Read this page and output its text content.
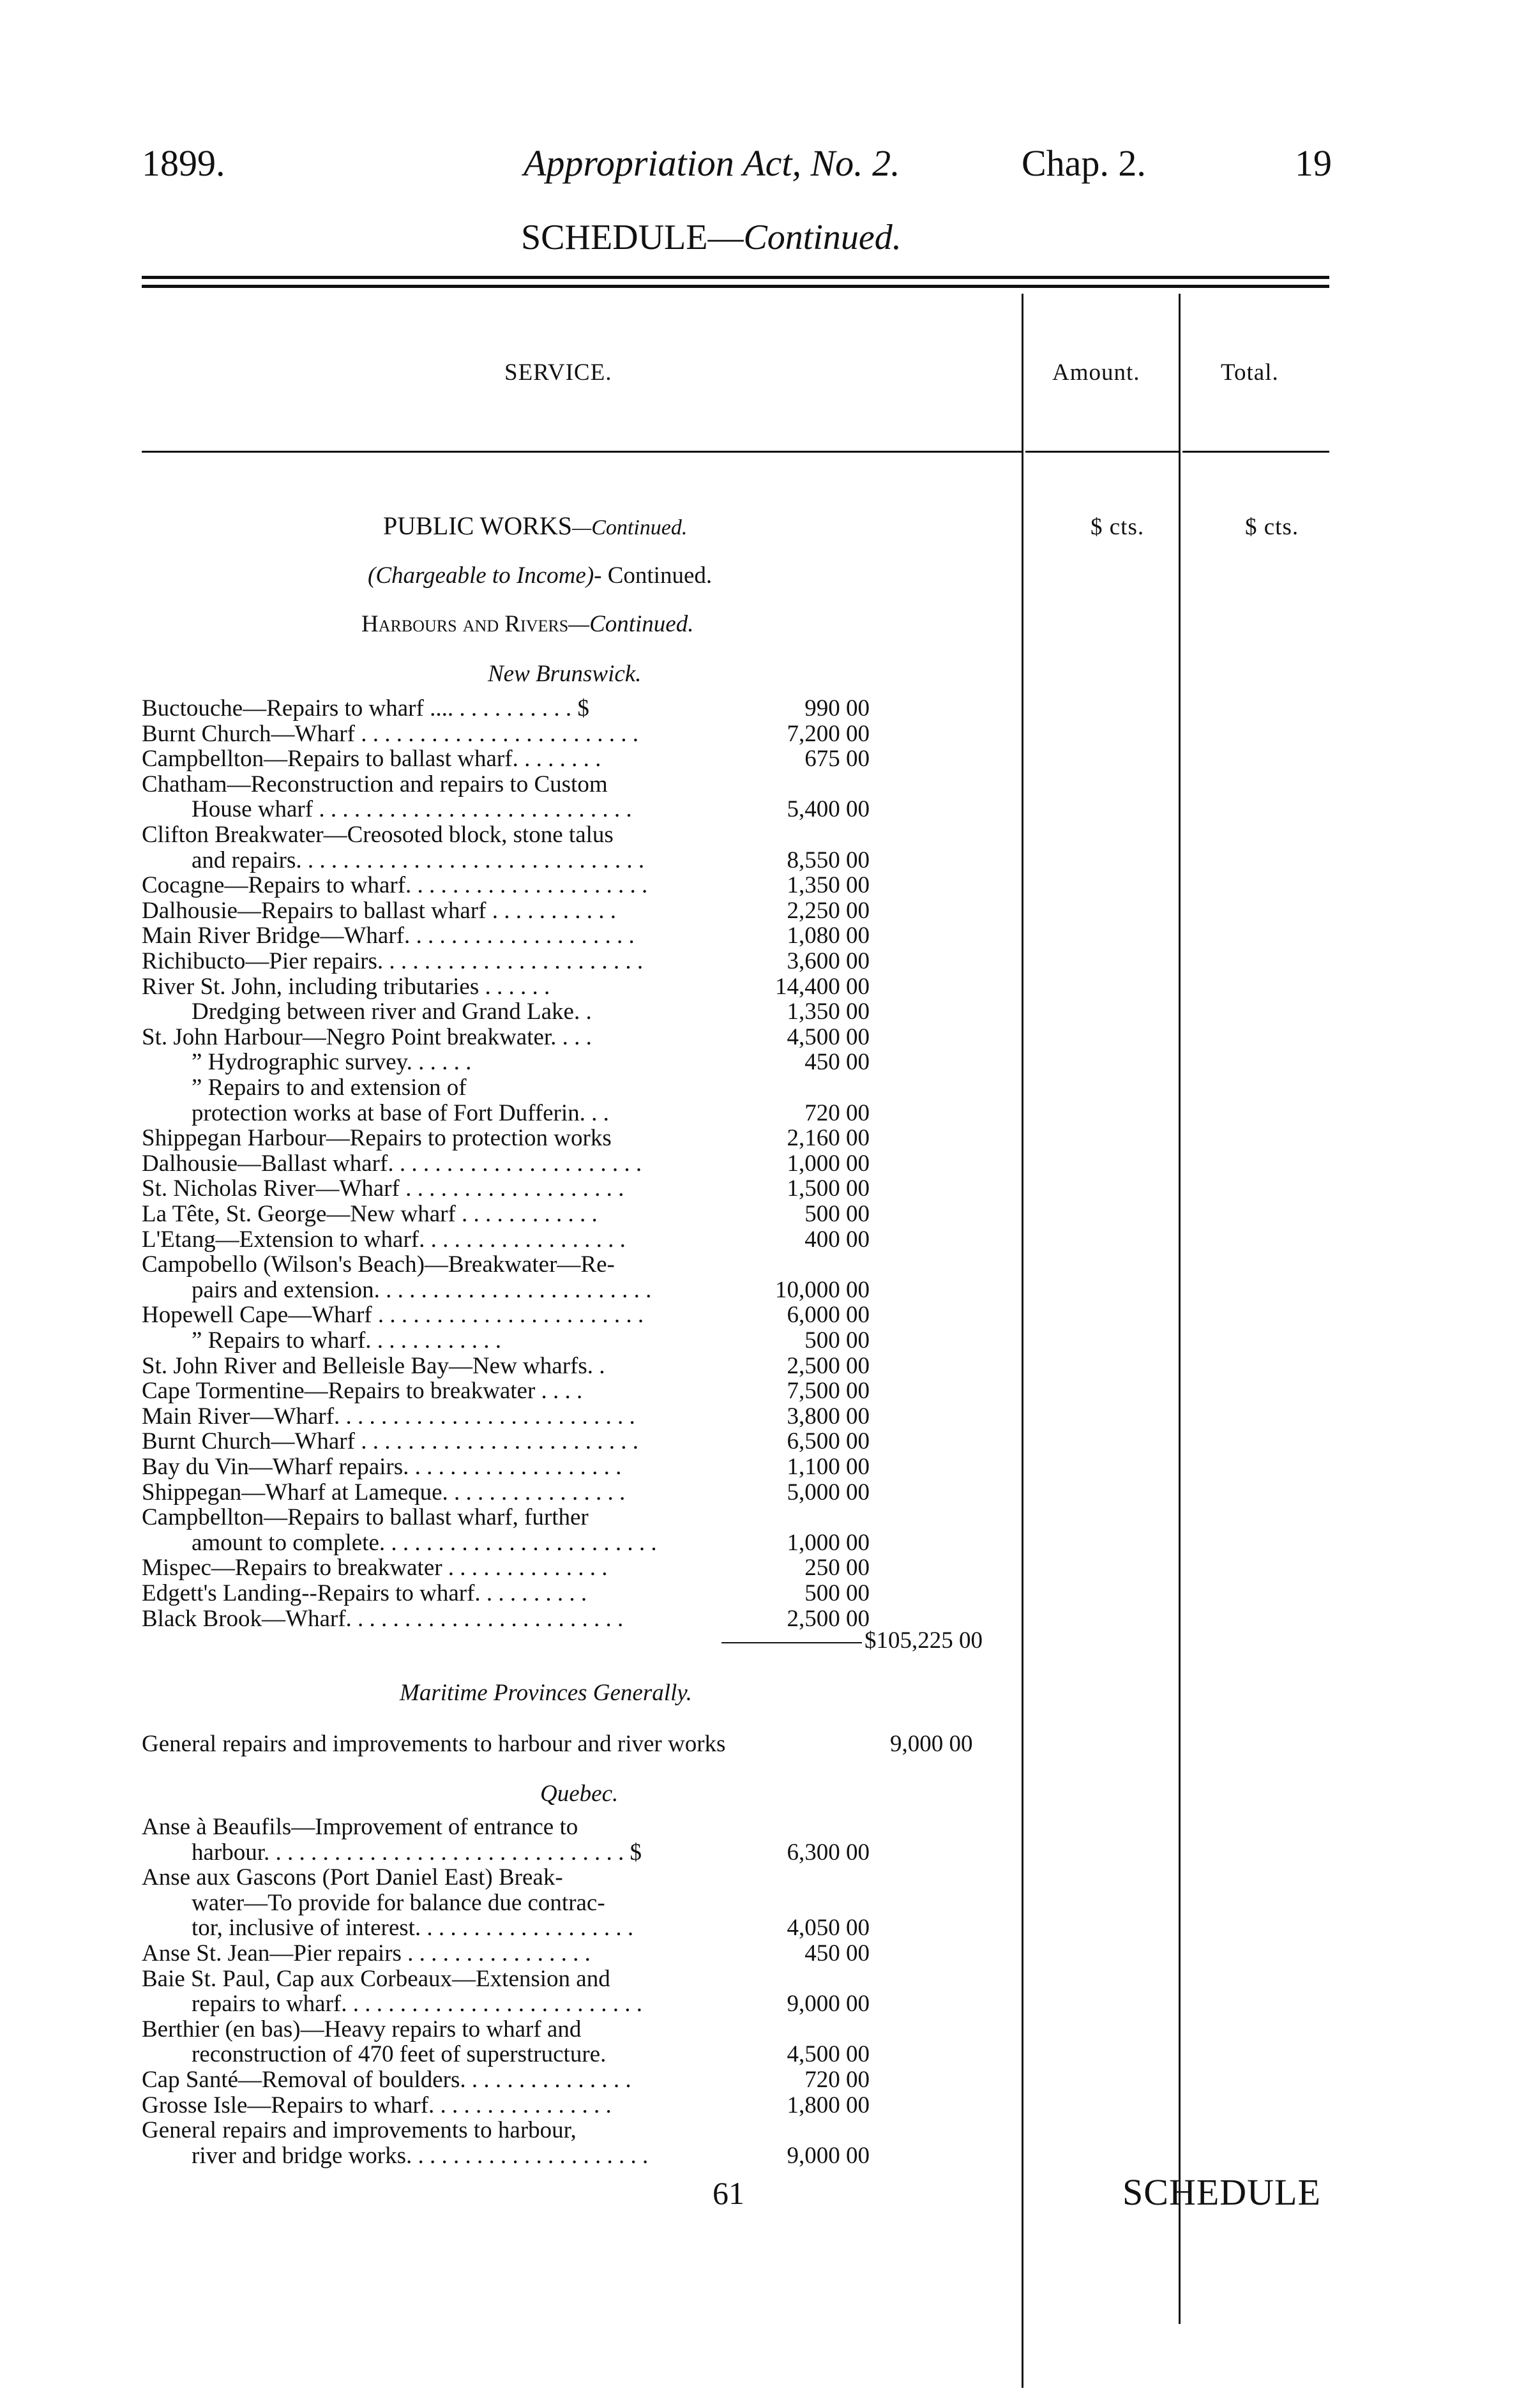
1899.	Appropriation Act, No. 2.	Chap. 2.	19
SCHEDULE—Continued.
SERVICE.	Amount.	Total.
$ cts.	$ cts.
PUBLIC WORKS—Continued.
(Chargeable to Income)- Continued.
Harbours and Rivers—Continued.
New Brunswick.
Buctouche—Repairs to wharf .... . . . . . . . . . . $	990 00
Burnt Church—Wharf . . . . . . . . . . . . . . . . . . . . . . . .	7,200 00
Campbellton—Repairs to ballast wharf. . . . . . . .	675 00
Chatham—Reconstruction and repairs to Custom
House wharf . . . . . . . . . . . . . . . . . . . . . . . . . . .	5,400 00
Clifton Breakwater—Creosoted block, stone talus
and repairs. . . . . . . . . . . . . . . . . . . . . . . . . . . . . .	8,550 00
Cocagne—Repairs to wharf. . . . . . . . . . . . . . . . . . . . .	1,350 00
Dalhousie—Repairs to ballast wharf . . . . . . . . . . .	2,250 00
Main River Bridge—Wharf. . . . . . . . . . . . . . . . . . . .	1,080 00
Richibucto—Pier repairs. . . . . . . . . . . . . . . . . . . . . . .	3,600 00
River St. John, including tributaries . . . . . .	14,400 00
Dredging between river and Grand Lake. .	1,350 00
St. John Harbour—Negro Point breakwater. . . .	4,500 00
” Hydrographic survey. . . . . .	450 00
” Repairs to and extension of
protection works at base of Fort Dufferin. . .	720 00
Shippegan Harbour—Repairs to protection works	2,160 00
Dalhousie—Ballast wharf. . . . . . . . . . . . . . . . . . . . . .	1,000 00
St. Nicholas River—Wharf . . . . . . . . . . . . . . . . . . .	1,500 00
La Tête, St. George—New wharf . . . . . . . . . . . .	500 00
L'Etang—Extension to wharf. . . . . . . . . . . . . . . . . .	400 00
Campobello (Wilson's Beach)—Breakwater—Re-
pairs and extension. . . . . . . . . . . . . . . . . . . . . . . .	10,000 00
Hopewell Cape—Wharf . . . . . . . . . . . . . . . . . . . . . . .	6,000 00
” Repairs to wharf. . . . . . . . . . . .	500 00
St. John River and Belleisle Bay—New wharfs. .	2,500 00
Cape Tormentine—Repairs to breakwater . . . .	7,500 00
Main River—Wharf. . . . . . . . . . . . . . . . . . . . . . . . . .	3,800 00
Burnt Church—Wharf . . . . . . . . . . . . . . . . . . . . . . . .	6,500 00
Bay du Vin—Wharf repairs. . . . . . . . . . . . . . . . . . .	1,100 00
Shippegan—Wharf at Lameque. . . . . . . . . . . . . . . .	5,000 00
Campbellton—Repairs to ballast wharf, further
amount to complete. . . . . . . . . . . . . . . . . . . . . . . .	1,000 00
Mispec—Repairs to breakwater . . . . . . . . . . . . . .	250 00
Edgett's Landing--Repairs to wharf. . . . . . . . . .	500 00
Black Brook—Wharf. . . . . . . . . . . . . . . . . . . . . . . .	2,500 00
$105,225 00
Maritime Provinces Generally.
General repairs and improvements to harbour and river works	9,000 00
Quebec.
Anse à Beaufils—Improvement of entrance to
harbour. . . . . . . . . . . . . . . . . . . . . . . . . . . . . . . $	6,300 00
Anse aux Gascons (Port Daniel East) Break-
water—To provide for balance due contrac-
tor, inclusive of interest. . . . . . . . . . . . . . . . . . .	4,050 00
Anse St. Jean—Pier repairs . . . . . . . . . . . . . . . .	450 00
Baie St. Paul, Cap aux Corbeaux—Extension and
repairs to wharf. . . . . . . . . . . . . . . . . . . . . . . . . .	9,000 00
Berthier (en bas)—Heavy repairs to wharf and
reconstruction of 470 feet of superstructure.	4,500 00
Cap Santé—Removal of boulders. . . . . . . . . . . . . . .	720 00
Grosse Isle—Repairs to wharf. . . . . . . . . . . . . . . .	1,800 00
General repairs and improvements to harbour,
river and bridge works. . . . . . . . . . . . . . . . . . . . .	9,000 00
61	SCHEDULE
